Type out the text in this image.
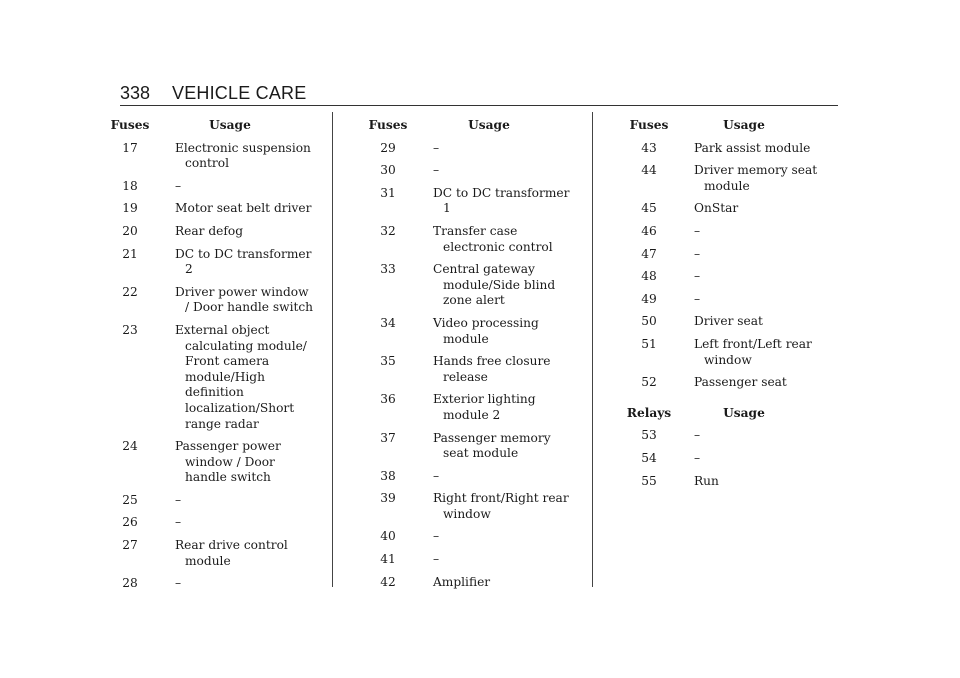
338 VEHICLE CARE
Fuses	Usage
17	Electronic suspension control
18	–
19	Motor seat belt driver
20	Rear defog
21	DC to DC transformer 2
22	Driver power window / Door handle switch
23	External object calculating module/ Front camera module/High definition localization/Short range radar
24	Passenger power window / Door handle switch
25	–
26	–
27	Rear drive control module
28	–
Fuses	Usage
29	–
30	–
31	DC to DC transformer 1
32	Transfer case electronic control
33	Central gateway module/Side blind zone alert
34	Video processing module
35	Hands free closure release
36	Exterior lighting module 2
37	Passenger memory seat module
38	–
39	Right front/Right rear window
40	–
41	–
42	Amplifier
Fuses	Usage
43	Park assist module
44	Driver memory seat module
45	OnStar
46	–
47	–
48	–
49	–
50	Driver seat
51	Left front/Left rear window
52	Passenger seat
Relays	Usage
53	–
54	–
55	Run
